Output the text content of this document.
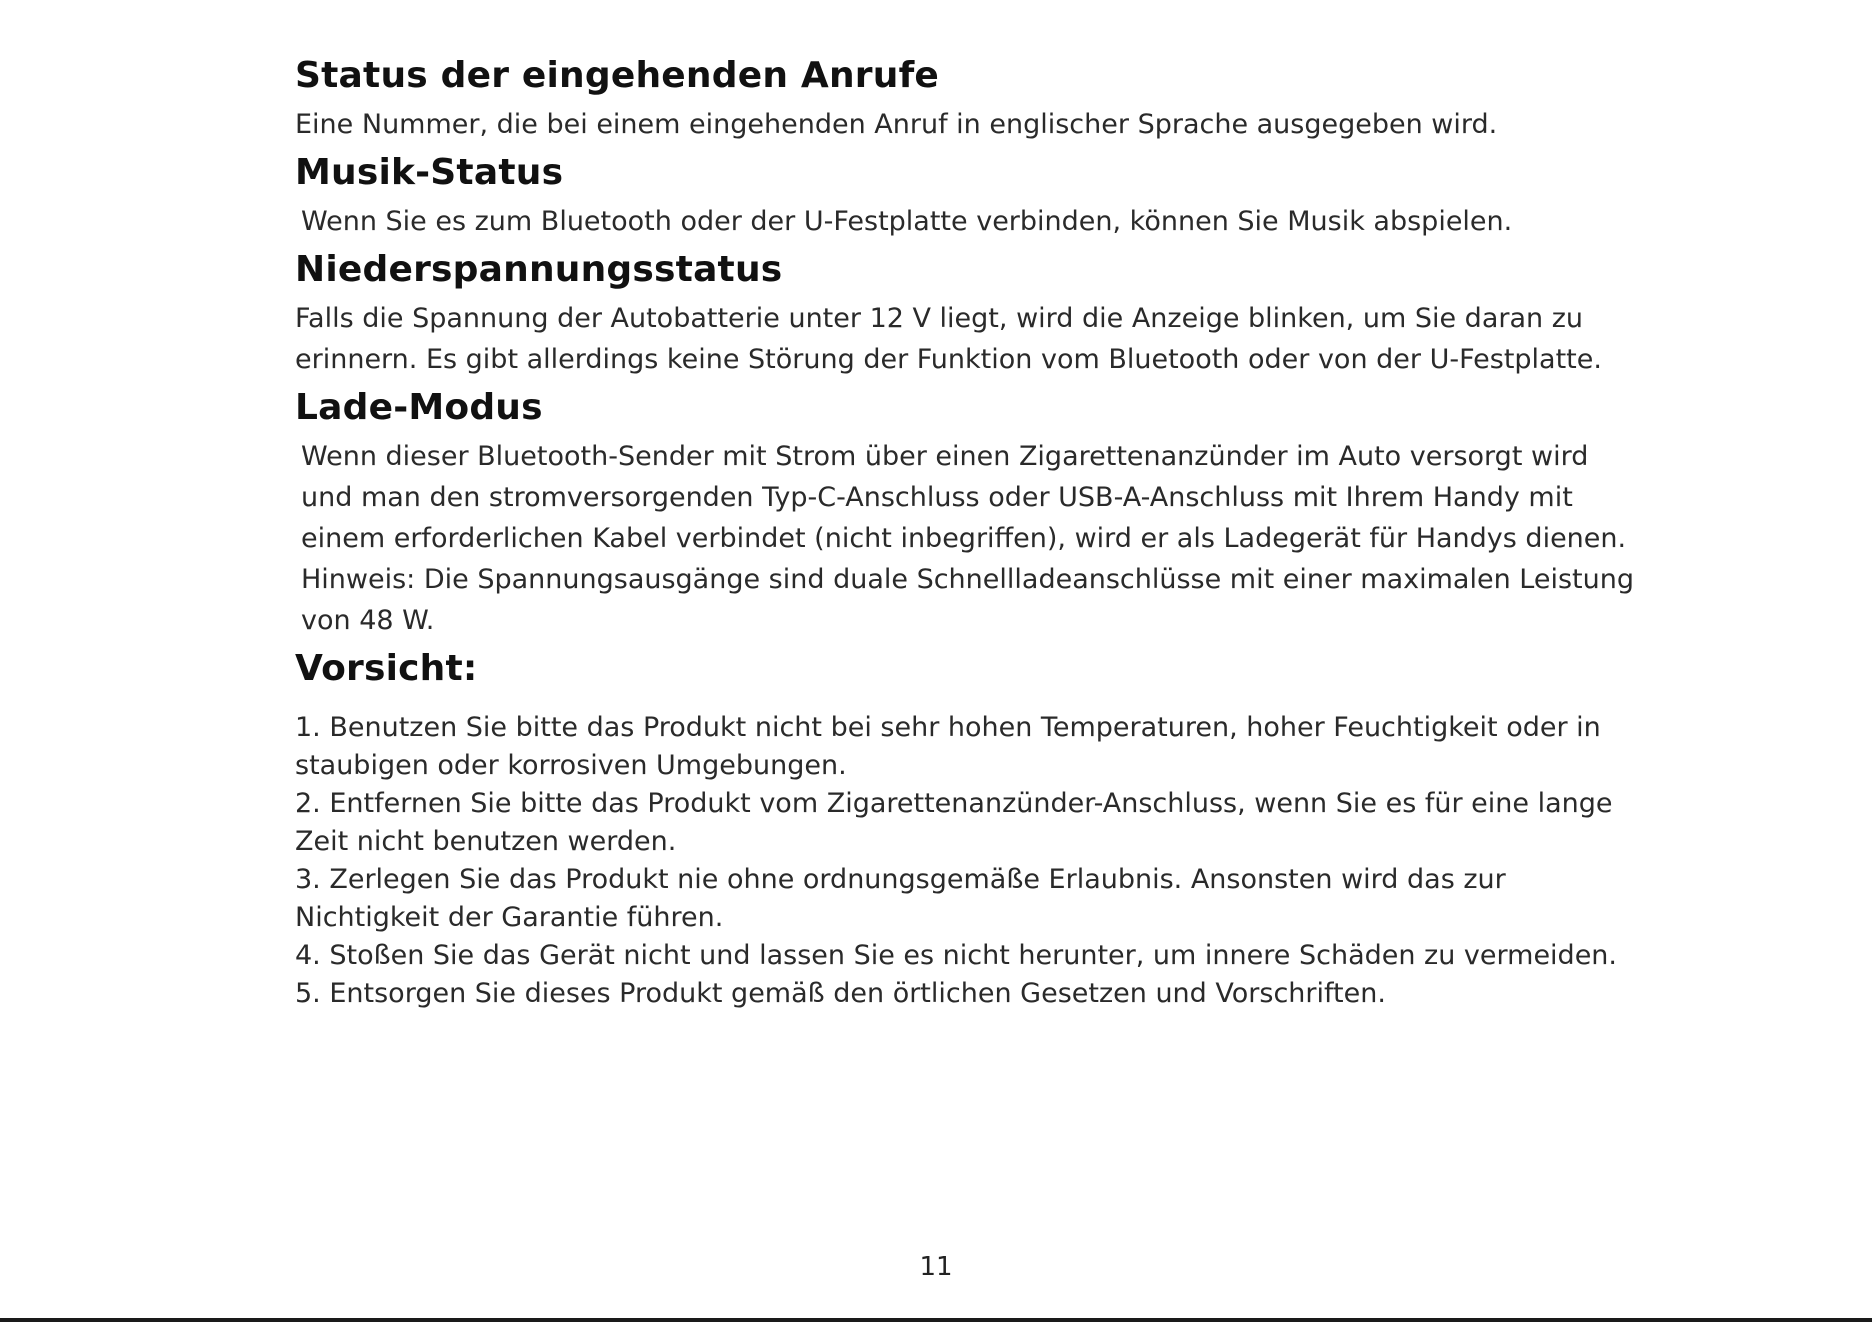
Status der eingehenden Anrufe

Eine Nummer, die bei einem eingehenden Anruf in englischer Sprache ausgegeben wird.

Musik-Status

Wenn Sie es zum Bluetooth oder der U-Festplatte verbinden, können Sie Musik abspielen.

Niederspannungsstatus

Falls die Spannung der Autobatterie unter 12 V liegt, wird die Anzeige blinken, um Sie daran zu erinnern. Es gibt allerdings keine Störung der Funktion vom Bluetooth oder von der U-Festplatte.

Lade-Modus

Wenn dieser Bluetooth-Sender mit Strom über einen Zigarettenanzünder im Auto versorgt wird und man den stromversorgenden Typ-C-Anschluss oder USB-A-Anschluss mit Ihrem Handy mit einem erforderlichen Kabel verbindet (nicht inbegriffen), wird er als Ladegerät für Handys dienen.

Hinweis: Die Spannungsausgänge sind duale Schnellladeanschlüsse mit einer maximalen Leistung von 48 W.

Vorsicht:
1. Benutzen Sie bitte das Produkt nicht bei sehr hohen Temperaturen, hoher Feuchtigkeit oder in staubigen oder korrosiven Umgebungen.
2. Entfernen Sie bitte das Produkt vom Zigarettenanzünder-Anschluss, wenn Sie es für eine lange Zeit nicht benutzen werden.
3. Zerlegen Sie das Produkt nie ohne ordnungsgemäße Erlaubnis. Ansonsten wird das zur Nichtigkeit der Garantie führen.
4. Stoßen Sie das Gerät nicht und lassen Sie es nicht herunter, um innere Schäden zu vermeiden.
5. Entsorgen Sie dieses Produkt gemäß den örtlichen Gesetzen und Vorschriften.
11
